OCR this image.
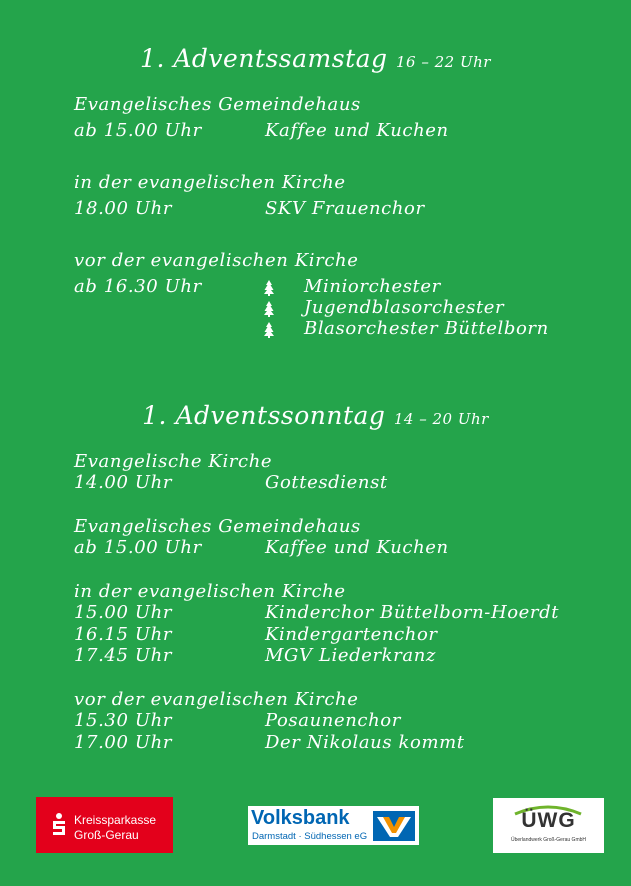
1. Adventssamstag 16 – 22 Uhr
Evangelisches Gemeindehaus
ab 15.00 Uhr	Kaffee und Kuchen
in der evangelischen Kirche
18.00 Uhr	SKV Frauenchor
vor der evangelischen Kirche
ab 16.30 Uhr	Miniorchester
Jugendblasorchester
Blasorchester Büttelborn
1. Adventssonntag 14 – 20 Uhr
Evangelische Kirche
14.00 Uhr	Gottesdienst
Evangelisches Gemeindehaus
ab 15.00 Uhr	Kaffee und Kuchen
in der evangelischen Kirche
15.00 Uhr	Kinderchor Büttelborn-Hoerdt
16.15 Uhr	Kindergartenchor
17.45 Uhr	MGV Liederkranz
vor der evangelischen Kirche
15.30 Uhr	Posaunenchor
17.00 Uhr	Der Nikolaus kommt
Kreissparkasse
Groß-Gerau
Volksbank
Darmstadt · Südhessen eG
ÜWG
Überlandwerk Groß-Gerau GmbH
